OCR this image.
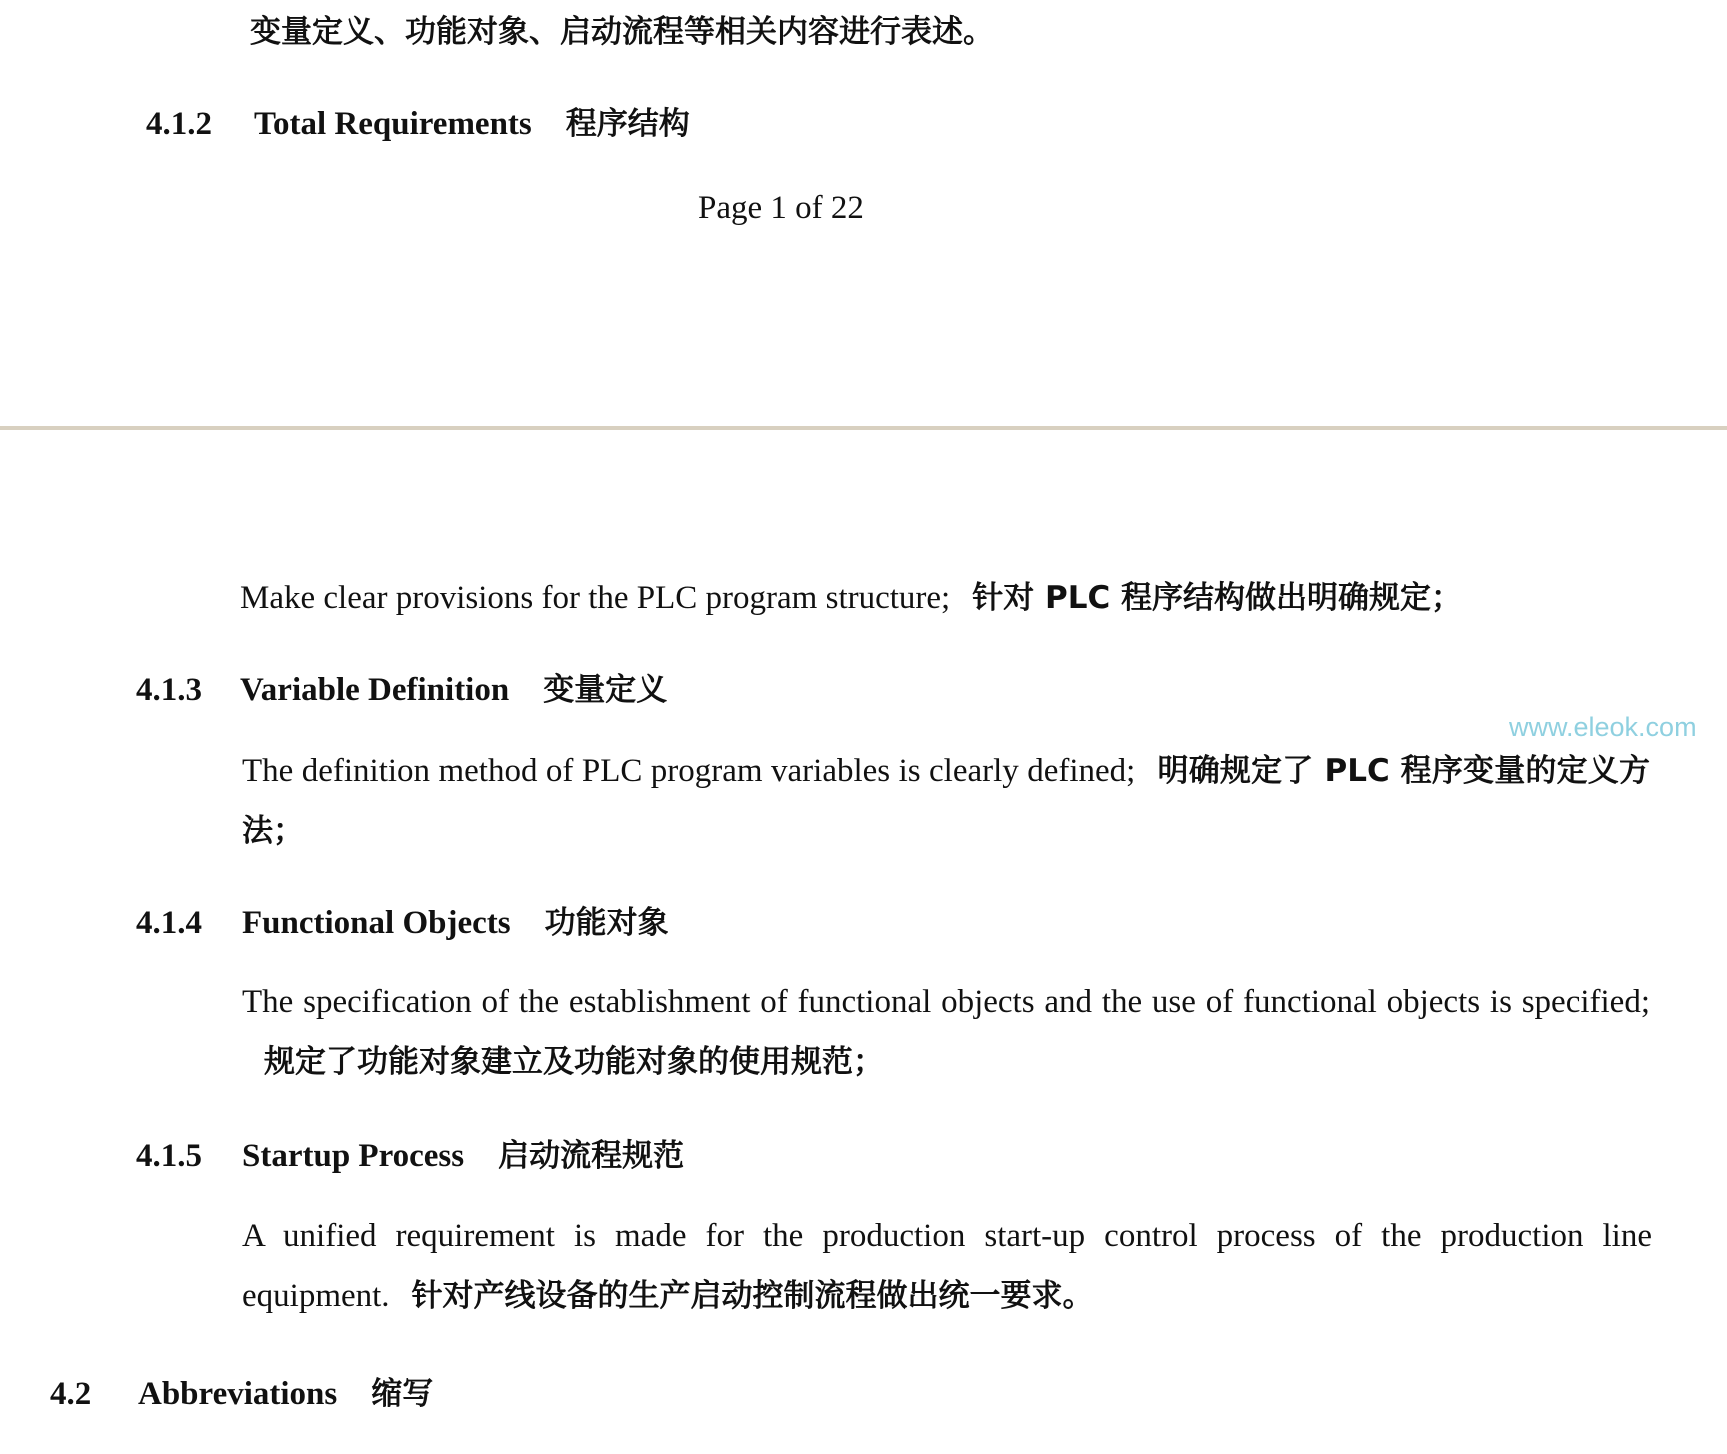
变量定义、功能对象、启动流程等相关内容进行表述。

4.1.2 Total Requirements 程序结构
Page 1 of 22

Make clear provisions for the PLC program structure; 针对 PLC 程序结构做出明确规定；

4.1.3 Variable Definition 变量定义
www.eleok.com

The definition method of PLC program variables is clearly defined; 明确规定了 PLC 程序变量的定义方法；

4.1.4 Functional Objects 功能对象

The specification of the establishment of functional objects and the use of functional objects is specified;规定了功能对象建立及功能对象的使用规范；

4.1.5 Startup Process 启动流程规范

A unified requirement is made for the production start-up control process of the production line equipment. 针对产线设备的生产启动控制流程做出统一要求。

4.2 Abbreviations 缩写
